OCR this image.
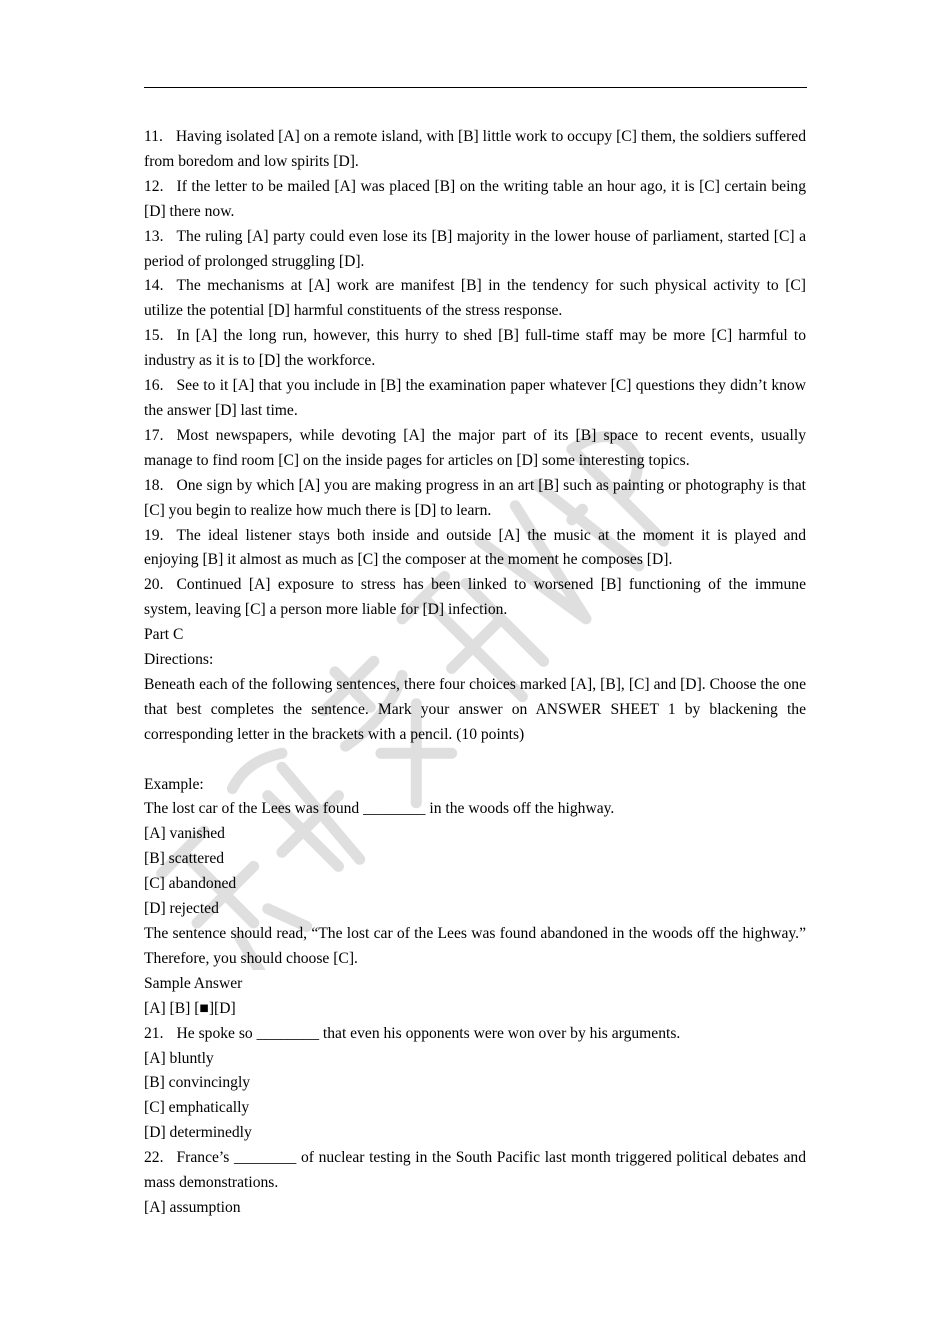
11. Having isolated [A] on a remote island, with [B] little work to occupy [C] them, the soldiers suffered from boredom and low spirits [D].

12. If the letter to be mailed [A] was placed [B] on the writing table an hour ago, it is [C] certain being [D] there now.

13. The ruling [A] party could even lose its [B] majority in the lower house of parliament, started [C] a period of prolonged struggling [D].

14. The mechanisms at [A] work are manifest [B] in the tendency for such physical activity to [C] utilize the potential [D] harmful constituents of the stress response.

15. In [A] the long run, however, this hurry to shed [B] full-time staff may be more [C] harmful to industry as it is to [D] the workforce.

16. See to it [A] that you include in [B] the examination paper whatever [C] questions they didn’t know the answer [D] last time.

17. Most newspapers, while devoting [A] the major part of its [B] space to recent events, usually manage to find room [C] on the inside pages for articles on [D] some interesting topics.

18. One sign by which [A] you are making progress in an art [B] such as painting or photography is that [C] you begin to realize how much there is [D] to learn.

19. The ideal listener stays both inside and outside [A] the music at the moment it is played and enjoying [B] it almost as much as [C] the composer at the moment he composes [D].

20. Continued [A] exposure to stress has been linked to worsened [B] functioning of the immune system, leaving [C] a person more liable for [D] infection.

Part C

Directions:

Beneath each of the following sentences, there four choices marked [A], [B], [C] and [D]. Choose the one that best completes the sentence. Mark your answer on ANSWER SHEET 1 by blackening the corresponding letter in the brackets with a pencil. (10 points)

Example:

The lost car of the Lees was found ________ in the woods off the highway.

[A] vanished

[B] scattered

[C] abandoned

[D] rejected

The sentence should read, “The lost car of the Lees was found abandoned in the woods off the highway.” Therefore, you should choose [C].

Sample Answer

[A] [B] [■][D]

21. He spoke so ________ that even his opponents were won over by his arguments.

[A] bluntly

[B] convincingly

[C] emphatically

[D] determinedly

22. France’s ________ of nuclear testing in the South Pacific last month triggered political debates and mass demonstrations.

[A] assumption
